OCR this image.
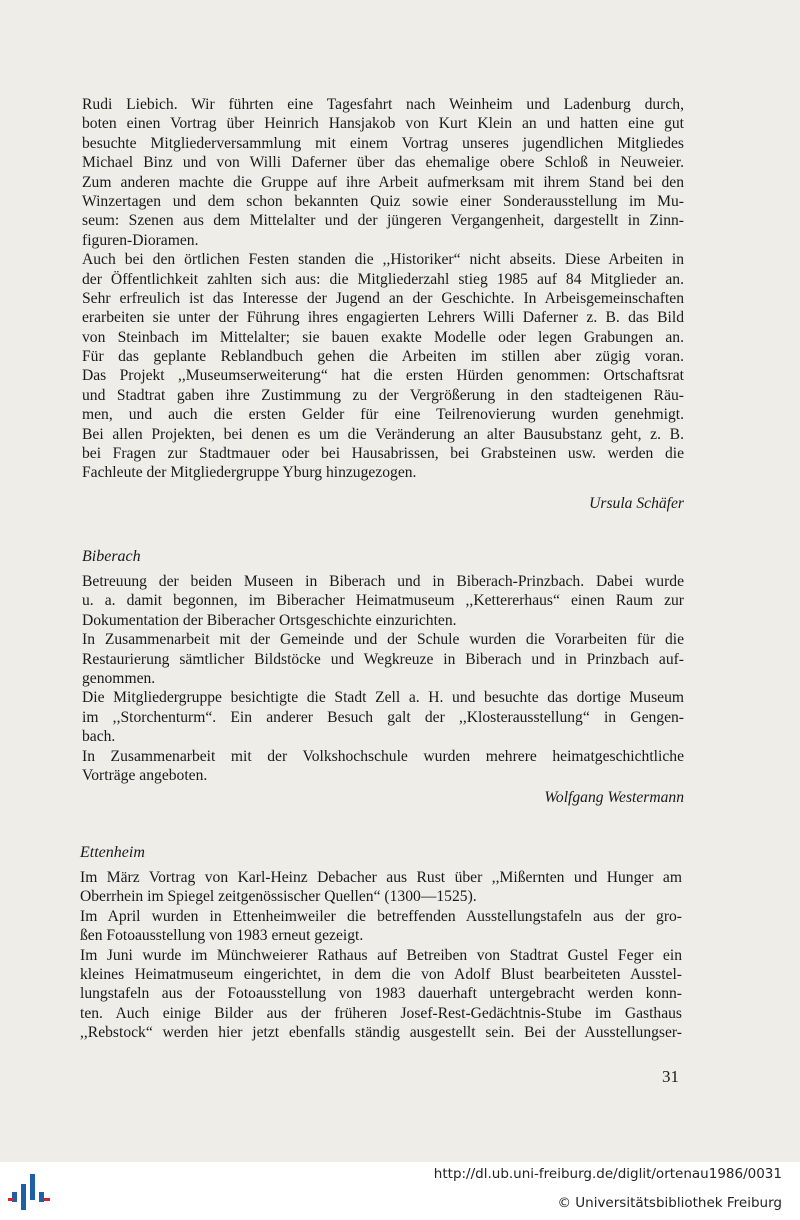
Rudi Liebich. Wir führten eine Tagesfahrt nach Weinheim und Ladenburg durch,
boten einen Vortrag über Heinrich Hansjakob von Kurt Klein an und hatten eine gut
besuchte Mitgliederversammlung mit einem Vortrag unseres jugendlichen Mitgliedes
Michael Binz und von Willi Daferner über das ehemalige obere Schloß in Neuweier.
Zum anderen machte die Gruppe auf ihre Arbeit aufmerksam mit ihrem Stand bei den
Winzertagen und dem schon bekannten Quiz sowie einer Sonderausstellung im Mu-
seum: Szenen aus dem Mittelalter und der jüngeren Vergangenheit, dargestellt in Zinn-
figuren-Dioramen.
Auch bei den örtlichen Festen standen die ,,Historiker“ nicht abseits. Diese Arbeiten in
der Öffentlichkeit zahlten sich aus: die Mitgliederzahl stieg 1985 auf 84 Mitglieder an.
Sehr erfreulich ist das Interesse der Jugend an der Geschichte. In Arbeisgemeinschaften
erarbeiten sie unter der Führung ihres engagierten Lehrers Willi Daferner z. B. das Bild
von Steinbach im Mittelalter; sie bauen exakte Modelle oder legen Grabungen an.
Für das geplante Reblandbuch gehen die Arbeiten im stillen aber zügig voran.
Das Projekt ,,Museumserweiterung“ hat die ersten Hürden genommen: Ortschaftsrat
und Stadtrat gaben ihre Zustimmung zu der Vergrößerung in den stadteigenen Räu-
men, und auch die ersten Gelder für eine Teilrenovierung wurden genehmigt.
Bei allen Projekten, bei denen es um die Veränderung an alter Bausubstanz geht, z. B.
bei Fragen zur Stadtmauer oder bei Hausabrissen, bei Grabsteinen usw. werden die
Fachleute der Mitgliedergruppe Yburg hinzugezogen.
Ursula Schäfer
Biberach
Betreuung der beiden Museen in Biberach und in Biberach-Prinzbach. Dabei wurde
u. a. damit begonnen, im Biberacher Heimatmuseum ,,Kettererhaus“ einen Raum zur
Dokumentation der Biberacher Ortsgeschichte einzurichten.
In Zusammenarbeit mit der Gemeinde und der Schule wurden die Vorarbeiten für die
Restaurierung sämtlicher Bildstöcke und Wegkreuze in Biberach und in Prinzbach auf-
genommen.
Die Mitgliedergruppe besichtigte die Stadt Zell a. H. und besuchte das dortige Museum
im ,,Storchenturm“. Ein anderer Besuch galt der ,,Klosterausstellung“ in Gengen-
bach.
In Zusammenarbeit mit der Volkshochschule wurden mehrere heimatgeschichtliche
Vorträge angeboten.
Wolfgang Westermann
Ettenheim
Im März Vortrag von Karl-Heinz Debacher aus Rust über ,,Mißernten und Hunger am
Oberrhein im Spiegel zeitgenössischer Quellen“ (1300—1525).
Im April wurden in Ettenheimweiler die betreffenden Ausstellungstafeln aus der gro-
ßen Fotoausstellung von 1983 erneut gezeigt.
Im Juni wurde im Münchweierer Rathaus auf Betreiben von Stadtrat Gustel Feger ein
kleines Heimatmuseum eingerichtet, in dem die von Adolf Blust bearbeiteten Ausstel-
lungstafeln aus der Fotoausstellung von 1983 dauerhaft untergebracht werden konn-
ten. Auch einige Bilder aus der früheren Josef-Rest-Gedächtnis-Stube im Gasthaus
,,Rebstock“ werden hier jetzt ebenfalls ständig ausgestellt sein. Bei der Ausstellungser-
31
http://dl.ub.uni-freiburg.de/diglit/ortenau1986/0031
© Universitätsbibliothek Freiburg
